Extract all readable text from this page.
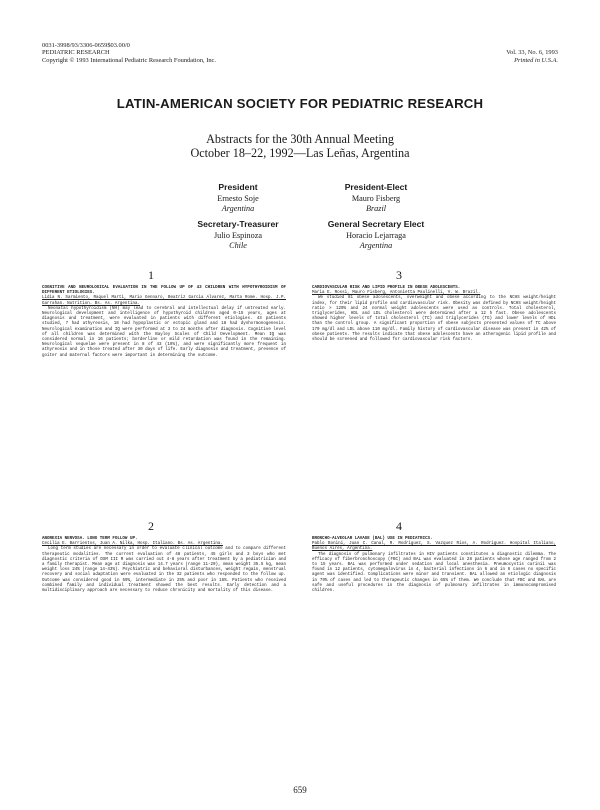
0031-3998/93/3306-0659$03.00/0
PEDIATRIC RESEARCH	Vol. 33, No. 6, 1993
Copyright © 1993 International Pediatric Research Foundation, Inc.	Printed in U.S.A.
LATIN-AMERICAN SOCIETY FOR PEDIATRIC RESEARCH
Abstracts for the 30th Annual Meeting
October 18–22, 1992—Las Leñas, Argentina
President
Ernesto Soje
Argentina
President-Elect
Mauro Fisberg
Brazil
Secretary-Treasurer
Julio Espinoza
Chile
General Secretary Elect
Horacio Lejarraga
Argentina
1
COGNITIVE AND NEUROLOGICAL EVALUATION IN THE FOLLOW UP OF 43 CHILDREN WITH HYPOTHYROIDISM OF DIFFERENT ETIOLOGIES.
Lidia N. Sarmiento, Raquel Marti, Mario Gennaro, Beatriz Garcia Alvarez, Marta Rome. Hosp. J.P. Garrahan. Nutrition. Bs. As. Argentina.
Neonatal hypothyroidism (NH) may lead to cerebral and intellectual delay if untreated early. Neurological development and intelligence of hypothyroid children aged 0-15 years, ages at diagnosis and treatment, were evaluated in patients with different etiologies. 43 patients studied, 7 had athyreosis, 18 had hypoplastic or ectopic gland and 18 had dyshormonogenesis. Neurological examination and IQ were performed at 3 to 24 months after diagnosis. Cognitive level of all children was determined with the Bayley Scales of Child Development. Mean IQ was considered normal in 16 patients; borderline or mild retardation was found in the remaining. Neurological sequelae were present in 8 of 43 (19%), and were significantly more frequent in athyreosis and in those treated after 30 days of life. Early diagnosis and treatment, presence of goiter and maternal factors were important in determining the outcome.
3
CARDIOVASCULAR RISK AND LIPID PROFILE IN OBESE ADOLESCENTS.
Maria E. Rossi, Mauro Fisberg, Antonietta Paulinelli, V. W. Brazil.
We studied 81 obese adolescents, overweight and obese according to the NCHS weight/height index, for their lipid profile and cardiovascular risk. Obesity was defined by NCHS weight/height ratio > 120% and 24 normal weight adolescents were used as controls. Total cholesterol, triglycerides, HDL and LDL cholesterol were determined after a 12 h fast. Obese adolescents showed higher levels of total cholesterol (TC) and triglycerides (TG) and lower levels of HDL than the control group. A significant proportion of obese subjects presented values of TC above 170 mg/dl and LDL above 110 mg/dl. Family history of cardiovascular disease was present in 42% of obese patients. The results indicate that obese adolescents have an atherogenic lipid profile and should be screened and followed for cardiovascular risk factors.
2
ANOREXIA NERVOSA. LONG TERM FOLLOW UP.
Cecilia E. Barrientos, Juan A. Nilka, Hosp. Italiano. Bs. As. Argentina.
Long term studies are necessary in order to evaluate clinical outcome and to compare different therapeutic modalities. The current evaluation of 48 patients, 45 girls and 3 boys who met diagnostic criteria of DSM III R was carried out 4-8 years after treatment by a pediatrician and a family therapist. Mean age at diagnosis was 14.7 years (range 11-20), mean weight 35.5 kg, mean weight loss 24% (range 14-43%). Psychiatric and behavioral disturbances, weight regain, menstrual recovery and social adaptation were evaluated in the 32 patients who responded to the follow up. Outcome was considered good in 59%, intermediate in 25% and poor in 16%. Patients who received combined family and individual treatment showed the best results. Early detection and a multidisciplinary approach are necessary to reduce chronicity and mortality of this disease.
4
BRONCHO-ALVEOLAR LAVAGE (BAL) USE IN PEDIATRICS.
Pablo Bonini, Juan C. Canal, R. Rodriguez, S. Vazquez Rios, A. Rodriguez. Hospital Italiano, Buenos Aires, Argentina.
The diagnosis of pulmonary infiltrates in HIV patients constitutes a diagnostic dilemma. The efficacy of fiberbronchoscopy (FBC) and BAL was evaluated in 28 patients whose age ranged from 2 to 15 years. BAL was performed under sedation and local anesthesia. Pneumocystis carinii was found in 12 patients, cytomegalovirus in 4, bacterial infections in 6 and in 6 cases no specific agent was identified. Complications were minor and transient. BAL allowed an etiologic diagnosis in 79% of cases and led to therapeutic changes in 65% of them. We conclude that FBC and BAL are safe and useful procedures in the diagnosis of pulmonary infiltrates in immunocompromised children.
659
